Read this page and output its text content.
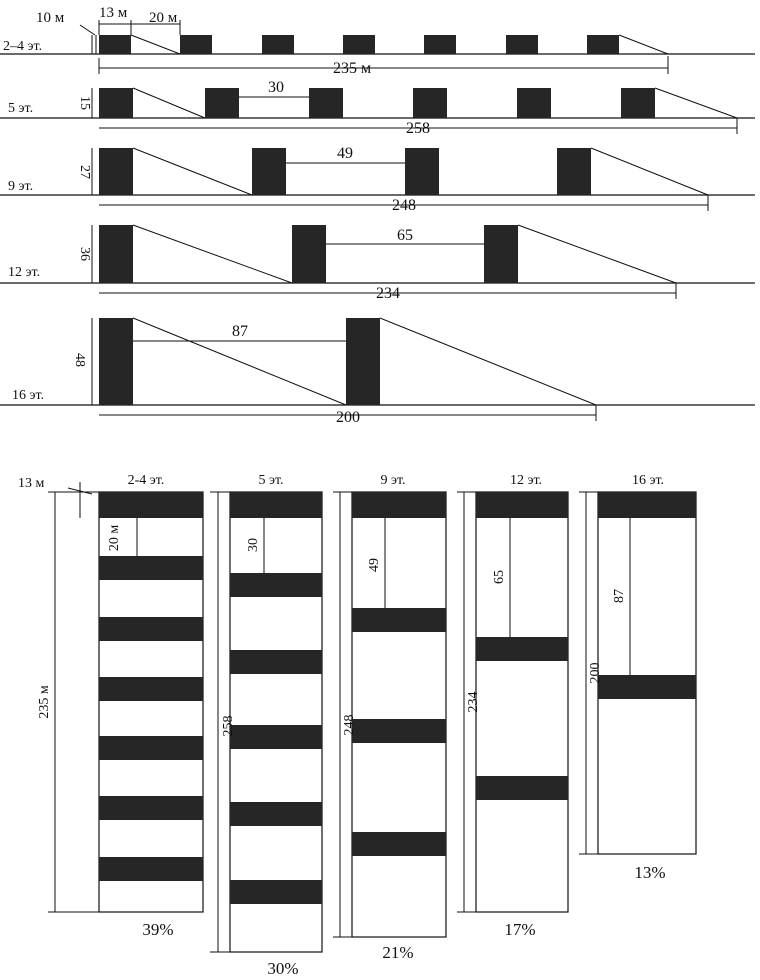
2–4 эт.
10 м 13 м 20 м
235 м
5 эт.	15
30
258
9 эт.
27
49
248
12 эт.
36
65
234
16 эт.
48
87
200
2-4 эт.
13 м
20 м
235 м
39%
5 эт.
30
258
30%
9 эт.
49
248
21%
12 эт.
65
234
17%
16 эт.
87
200
13%
